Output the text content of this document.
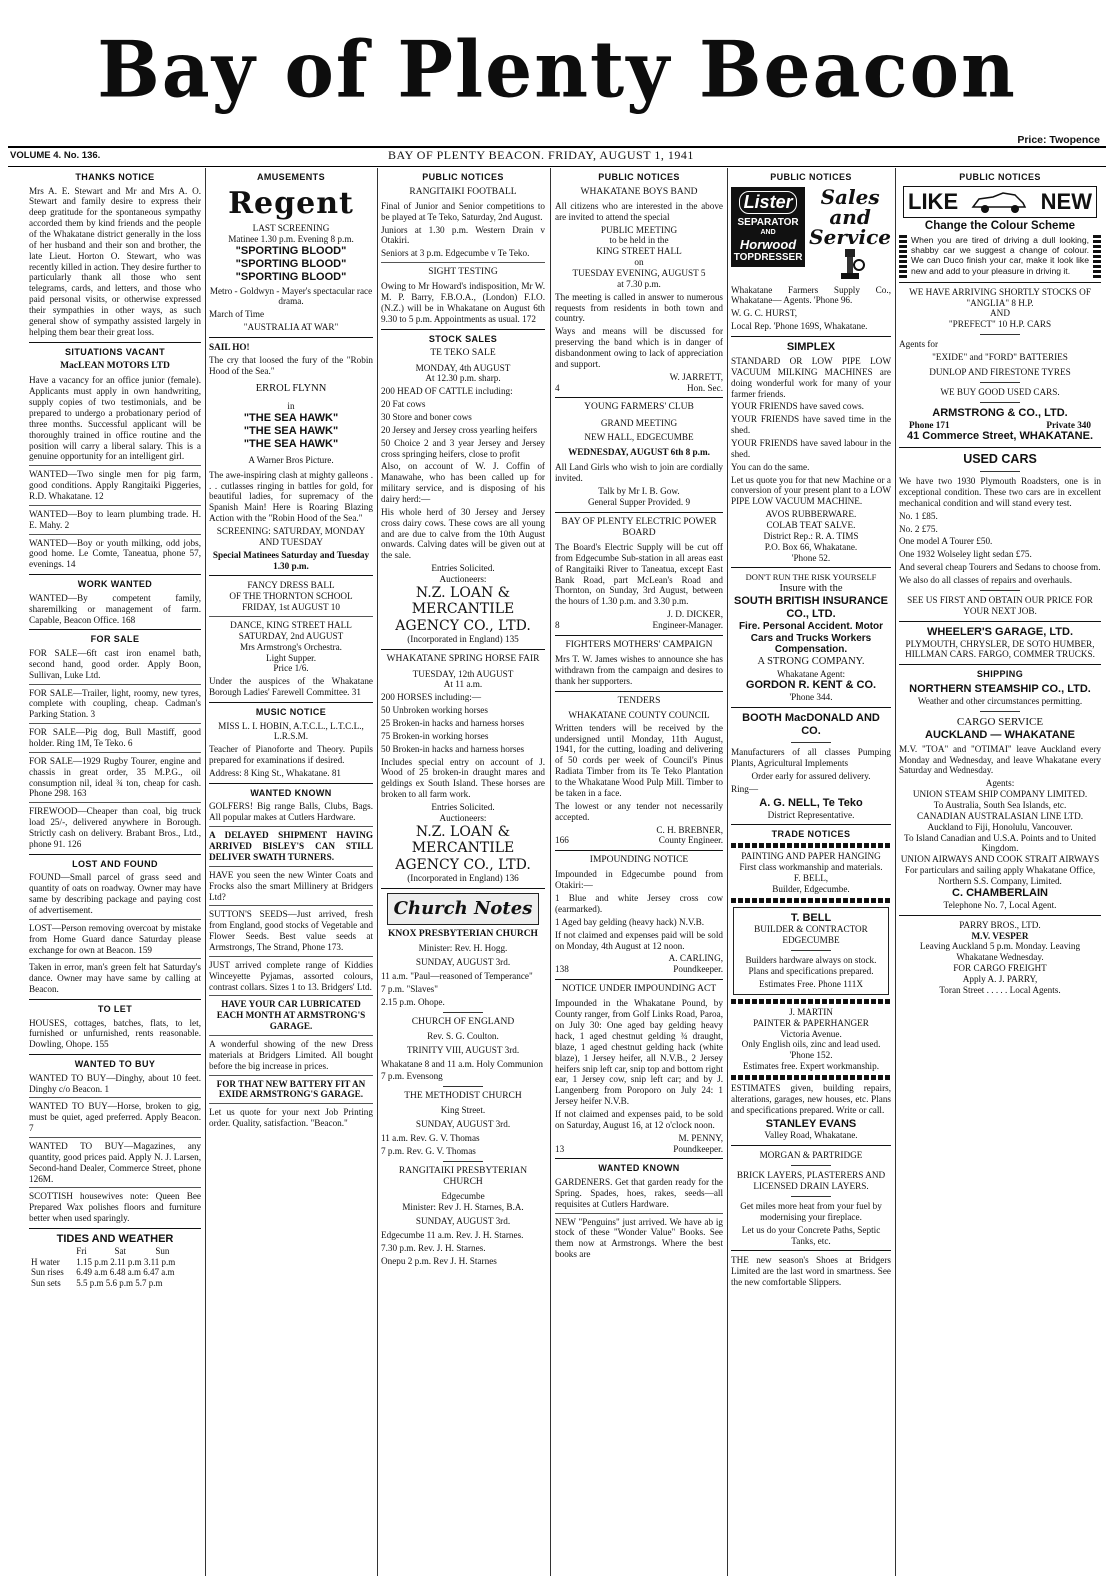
Bay of Plenty Beacon
Price: Twopence
VOLUME 4. No. 136.	BAY OF PLENTY BEACON. FRIDAY, AUGUST 1, 1941
THANKS NOTICE

Mrs A. E. Stewart and Mr and Mrs A. O. Stewart and family desire to express their deep gratitude for the spontaneous sympathy accorded them by kind friends and the people of the Whakatane district generally in the loss of her husband and their son and brother, the late Lieut. Horton O. Stewart, who was recently killed in action. They desire further to particularly thank all those who sent telegrams, cards, and letters, and those who paid personal visits, or otherwise expressed their sympathies in other ways, as such general show of sympathy assisted largely in helping them bear their great loss.

SITUATIONS VACANT
MacLEAN MOTORS LTD

Have a vacancy for an office junior (female). Applicants must apply in own handwriting, supply copies of two testimonials, and be prepared to undergo a probationary period of three months. Successful applicant will be thoroughly trained in office routine and the position will carry a liberal salary. This is a genuine opportunity for an intelligent girl.

WANTED—Two single men for pig farm, good conditions. Apply Rangitaiki Piggeries, R.D. Whakatane. 12

WANTED—Boy to learn plumbing trade. H. E. Mahy. 2

WANTED—Boy or youth milking, odd jobs, good home. Le Comte, Taneatua, phone 57, evenings. 14

WORK WANTED

WANTED—By competent family, sharemilking or management of farm. Capable, Beacon Office. 168

FOR SALE

FOR SALE—6ft cast iron enamel bath, second hand, good order. Apply Boon, Sullivan, Luke Ltd.

FOR SALE—Trailer, light, roomy, new tyres, complete with coupling, cheap. Cadman's Parking Station. 3

FOR SALE—Pig dog, Bull Mastiff, good holder. Ring 1M, Te Teko. 6

FOR SALE—1929 Rugby Tourer, engine and chassis in great order, 35 M.P.G., oil consumption nil, ideal ¾ ton, cheap for cash. Phone 298. 163

FIREWOOD—Cheaper than coal, big truck load 25/-, delivered anywhere in Borough. Strictly cash on delivery. Brabant Bros., Ltd., phone 91. 126

LOST AND FOUND

FOUND—Small parcel of grass seed and quantity of oats on roadway. Owner may have same by describing package and paying cost of advertisement.

LOST—Person removing overcoat by mistake from Home Guard dance Saturday please exchange for own at Beacon. 159

Taken in error, man's green felt hat Saturday's dance. Owner may have same by calling at Beacon.

TO LET

HOUSES, cottages, batches, flats, to let, furnished or unfurnished, rents reasonable. Dowling, Ohope. 155

WANTED TO BUY

WANTED TO BUY—Dinghy, about 10 feet. Dinghy c/o Beacon. 1

WANTED TO BUY—Horse, broken to gig, must be quiet, aged preferred. Apply Beacon. 7

WANTED TO BUY—Magazines, any quantity, good prices paid. Apply N. J. Larsen, Second-hand Dealer, Commerce Street, phone 126M.

SCOTTISH housewives note: Queen Bee Prepared Wax polishes floors and furniture better when used sparingly.

TIDES AND WEATHER
	Fri	Sat	Sun
H water	1.15 p.m 2.11 p.m 3.11 p.m		
Sun rises	6.49 a.m 6.48 a.m 6.47 a.m		
Sun sets	5.5 p.m 5.6 p.m 5.7 p.m		
AMUSEMENTS
Regent
LAST SCREENING
Matinee 1.30 p.m. Evening 8 p.m.
"SPORTING BLOOD"
"SPORTING BLOOD"
"SPORTING BLOOD"

Metro - Goldwyn - Mayer's spectacular race drama.

March of Time

"AUSTRALIA AT WAR"

SAIL HO!

The cry that loosed the fury of the "Robin Hood of the Sea."

ERROL FLYNN
in
"THE SEA HAWK"
"THE SEA HAWK"
"THE SEA HAWK"
A Warner Bros Picture.

The awe-inspiring clash at mighty galleons . . . cutlasses ringing in battles for gold, for beautiful ladies, for supremacy of the Spanish Main! Here is Roaring Blazing Action with the "Robin Hood of the Sea."

SCREENING: SATURDAY, MONDAY AND TUESDAY

Special Matinees Saturday and Tuesday 1.30 p.m.

FANCY DRESS BALL
OF THE THORNTON SCHOOL
FRIDAY, 1st AUGUST 10
DANCE, KING STREET HALL
SATURDAY, 2nd AUGUST
Mrs Armstrong's Orchestra.
Light Supper.
Price 1/6.

Under the auspices of the Whakatane Borough Ladies' Farewell Committee. 31

MUSIC NOTICE
MISS L. I. HOBIN, A.T.C.L., L.T.C.L., L.R.S.M.

Teacher of Pianoforte and Theory. Pupils prepared for examinations if desired.

Address: 8 King St., Whakatane. 81

WANTED KNOWN

GOLFERS! Big range Balls, Clubs, Bags. All popular makes at Cutlers Hardware.

A DELAYED SHIPMENT HAVING ARRIVED BISLEY'S CAN STILL DELIVER SWATH TURNERS.

HAVE you seen the new Winter Coats and Frocks also the smart Millinery at Bridgers Ltd?

SUTTON'S SEEDS—Just arrived, fresh from England, good stocks of Vegetable and Flower Seeds. Best value seeds at Armstrongs, The Strand, Phone 173.

JUST arrived complete range of Kiddies Winceyette Pyjamas, assorted colours, contrast collars. Sizes 1 to 13. Bridgers' Ltd.

HAVE YOUR CAR LUBRICATED EACH MONTH AT ARMSTRONG'S GARAGE.

A wonderful showing of the new Dress materials at Bridgers Limited. All bought before the big increase in prices.

FOR THAT NEW BATTERY FIT AN EXIDE ARMSTRONG'S GARAGE.

Let us quote for your next Job Printing order. Quality, satisfaction. "Beacon."

PUBLIC NOTICES
RANGITAIKI FOOTBALL

Final of Junior and Senior competitions to be played at Te Teko, Saturday, 2nd August.

Juniors at 1.30 p.m. Western Drain v Otakiri.

Seniors at 3 p.m. Edgecumbe v Te Teko.

SIGHT TESTING

Owing to Mr Howard's indisposition, Mr W. M. P. Barry, F.B.O.A., (London) F.I.O. (N.Z.) will be in Whakatane on August 6th 9.30 to 5 p.m. Appointments as usual. 172

STOCK SALES
TE TEKO SALE
MONDAY, 4th AUGUST
At 12.30 p.m. sharp.

200 HEAD OF CATTLE including:

20 Fat cows

30 Store and boner cows

20 Jersey and Jersey cross yearling heifers

50 Choice 2 and 3 year Jersey and Jersey cross springing heifers, close to profit

Also, on account of W. J. Coffin of Manawahe, who has been called up for military service, and is disposing of his dairy herd:—

His whole herd of 30 Jersey and Jersey cross dairy cows. These cows are all young and are due to calve from the 10th August onwards. Calving dates will be given out at the sale.

Entries Solicited.
Auctioneers:
N.Z. LOAN & MERCANTILE AGENCY CO., LTD.
(Incorporated in England) 135
WHAKATANE SPRING HORSE FAIR
TUESDAY, 12th AUGUST
At 11 a.m.

200 HORSES including:—

50 Unbroken working horses

25 Broken-in hacks and harness horses

75 Broken-in working horses

50 Broken-in hacks and harness horses

Includes special entry on account of J. Wood of 25 broken-in draught mares and geldings ex South Island. These horses are broken to all farm work.

Entries Solicited.
Auctioneers:
N.Z. LOAN & MERCANTILE AGENCY CO., LTD.
(Incorporated in England) 136
Church Notes
KNOX PRESBYTERIAN CHURCH
Minister: Rev. H. Hogg.
SUNDAY, AUGUST 3rd.

11 a.m. "Paul—reasoned of Temperance"

7 p.m. "Slaves"

2.15 p.m. Ohope.

CHURCH OF ENGLAND
Rev. S. G. Coulton.
TRINITY VIII, AUGUST 3rd.

Whakatane 8 and 11 a.m. Holy Communion

7 p.m. Evensong

THE METHODIST CHURCH
King Street.
SUNDAY, AUGUST 3rd.

11 a.m. Rev. G. V. Thomas

7 p.m. Rev. G. V. Thomas

RANGITAIKI PRESBYTERIAN CHURCH
Edgecumbe
Minister: Rev J. H. Starnes, B.A.
SUNDAY, AUGUST 3rd.

Edgecumbe 11 a.m. Rev. J. H. Starnes.

7.30 p.m. Rev. J. H. Starnes.

Onepu 2 p.m. Rev J. H. Starnes

PUBLIC NOTICES
WHAKATANE BOYS BAND

All citizens who are interested in the above are invited to attend the special

PUBLIC MEETING
to be held in the
KING STREET HALL
on
TUESDAY EVENING, AUGUST 5
at 7.30 p.m.

The meeting is called in answer to numerous requests from residents in both town and country.

Ways and means will be discussed for preserving the band which is in danger of disbandonment owing to lack of appreciation and support.

W. JARRETT,
4	Hon. Sec.
YOUNG FARMERS' CLUB
GRAND MEETING
NEW HALL, EDGECUMBE
WEDNESDAY, AUGUST 6th 8 p.m.

All Land Girls who wish to join are cordially invited.

Talk by Mr I. B. Gow.
General Supper Provided. 9
BAY OF PLENTY ELECTRIC POWER BOARD

The Board's Electric Supply will be cut off from Edgecumbe Sub-station in all areas east of Rangitaiki River to Taneatua, except East Bank Road, part McLean's Road and Thornton, on Sunday, 3rd August, between the hours of 1.30 p.m. and 3.30 p.m.

J. D. DICKER,
8	Engineer-Manager.
FIGHTERS MOTHERS' CAMPAIGN

Mrs T. W. James wishes to announce she has withdrawn from the campaign and desires to thank her supporters.

TENDERS
WHAKATANE COUNTY COUNCIL

Written tenders will be received by the undersigned until Monday, 11th August, 1941, for the cutting, loading and delivering of 50 cords per week of Council's Pinus Radiata Timber from its Te Teko Plantation to the Whakatane Wood Pulp Mill. Timber to be taken in a face.

The lowest or any tender not necessarily accepted.

C. H. BREBNER,
166	County Engineer.
IMPOUNDING NOTICE

Impounded in Edgecumbe pound from Otakiri:—

1 Blue and white Jersey cross cow (earmarked).

1 Aged bay gelding (heavy hack) N.V.B.

If not claimed and expenses paid will be sold on Monday, 4th August at 12 noon.

A. CARLING,
138	Poundkeeper.
NOTICE UNDER IMPOUNDING ACT

Impounded in the Whakatane Pound, by County ranger, from Golf Links Road, Paroa, on July 30: One aged bay gelding heavy hack, 1 aged chestnut gelding ¾ draught, blaze, 1 aged chestnut gelding hack (white blaze), 1 Jersey heifer, all N.V.B., 2 Jersey heifers snip left car, snip top and bottom right ear, 1 Jersey cow, snip left car; and by J. Langenberg from Poroporo on July 24: 1 Jersey heifer N.V.B.

If not claimed and expenses paid, to be sold on Saturday, August 16, at 12 o'clock noon.

M. PENNY,
13	Poundkeeper.
WANTED KNOWN

GARDENERS. Get that garden ready for the Spring. Spades, hoes, rakes, seeds—all requisites at Cutlers Hardware.

NEW "Penguins" just arrived. We have ab ig stock of these "Wonder Value" Books. See them now at Armstrongs. Where the best books are

PUBLIC NOTICES
Lister
SEPARATOR
AND
Horwood
TOPDRESSER
Sales and Service

Whakatane Farmers Supply Co., Whakatane— Agents. 'Phone 96.

W. G. C. HURST,

Local Rep. 'Phone 169S, Whakatane.

SIMPLEX

STANDARD OR LOW PIPE LOW VACUUM MILKING MACHINES are doing wonderful work for many of your farmer friends.

YOUR FRIENDS have saved cows.

YOUR FRIENDS have saved time in the shed.

YOUR FRIENDS have saved labour in the shed.

You can do the same.

Let us quote you for that new Machine or a conversion of your present plant to a LOW PIPE LOW VACUUM MACHINE.

AVOS RUBBERWARE.
COLAB TEAT SALVE.
District Rep.: R. A. TIMS
P.O. Box 66, Whakatane.
'Phone 52.
DON'T RUN THE RISK YOURSELF
Insure with the
SOUTH BRITISH INSURANCE CO., LTD.
Fire. Personal Accident. Motor Cars and Trucks Workers Compensation.
A STRONG COMPANY.
Whakatane Agent:
GORDON R. KENT & CO.
'Phone 344.
BOOTH MacDONALD AND CO.

Manufacturers of all classes Pumping Plants, Agricultural Implements

Order early for assured delivery.

Ring—

A. G. NELL, Te Teko
District Representative.
TRADE NOTICES
PAINTING AND PAPER HANGING
First class workmanship and materials.
F. BELL,
Builder, Edgecumbe.
T. BELL
BUILDER & CONTRACTOR
EDGECUMBE

Builders hardware always on stock. Plans and specifications prepared.

Estimates Free. Phone 111X
J. MARTIN
PAINTER & PAPERHANGER
Victoria Avenue.
Only English oils, zinc and lead used.
'Phone 152.
Estimates free. Expert workmanship.

ESTIMATES given, building repairs, alterations, garages, new houses, etc. Plans and specifications prepared. Write or call.

STANLEY EVANS
Valley Road, Whakatane.
MORGAN & PARTRIDGE
BRICK LAYERS, PLASTERERS AND LICENSED DRAIN LAYERS.

Get miles more heat from your fuel by modernising your fireplace.

Let us do your Concrete Paths, Septic Tanks, etc.

THE new season's Shoes at Bridgers Limited are the last word in smartness. See the new comfortable Slippers.

PUBLIC NOTICES
LIKE	NEW
Change the Colour Scheme

When you are tired of driving a dull looking, shabby car we suggest a change of colour. We can Duco finish your car, make it look like new and add to your pleasure in driving it.

WE HAVE ARRIVING SHORTLY STOCKS OF
"ANGLIA" 8 H.P.
AND
"PREFECT" 10 H.P. CARS

Agents for

"EXIDE" and "FORD" BATTERIES
DUNLOP AND FIRESTONE TYRES
WE BUY GOOD USED CARS.
ARMSTRONG & CO., LTD.
Phone 171	Private 340
41 Commerce Street, WHAKATANE.
USED CARS

We have two 1930 Plymouth Roadsters, one is in exceptional condition. These two cars are in excellent mechanical condition and will stand every test.

No. 1 £85.

No. 2 £75.

One model A Tourer £50.

One 1932 Wolseley light sedan £75.

And several cheap Tourers and Sedans to choose from.

We also do all classes of repairs and overhauls.

SEE US FIRST AND OBTAIN OUR PRICE FOR YOUR NEXT JOB.
WHEELER'S GARAGE, LTD.
PLYMOUTH, CHRYSLER, DE SOTO HUMBER, HILLMAN CARS. FARGO, COMMER TRUCKS.
SHIPPING
NORTHERN STEAMSHIP CO., LTD.
Weather and other circumstances permitting.
CARGO SERVICE
AUCKLAND — WHAKATANE

M.V. "TOA" and "OTIMAI" leave Auckland every Monday and Wednesday, and leave Whakatane every Saturday and Wednesday.

Agents:
UNION STEAM SHIP COMPANY LIMITED.
To Australia, South Sea Islands, etc.
CANADIAN AUSTRALASIAN LINE LTD.
Auckland to Fiji, Honolulu, Vancouver.
To Island Canadian and U.S.A. Points and to United Kingdom.
UNION AIRWAYS AND COOK STRAIT AIRWAYS
For particulars and sailing apply Whakatane Office, Northern S.S. Company, Limited.
C. CHAMBERLAIN
Telephone No. 7, Local Agent.
PARRY BROS., LTD.
M.V. VESPER
Leaving Auckland 5 p.m. Monday. Leaving Whakatane Wednesday.
FOR CARGO FREIGHT
Apply A. J. PARRY,
Toran Street . . . . . Local Agents.
